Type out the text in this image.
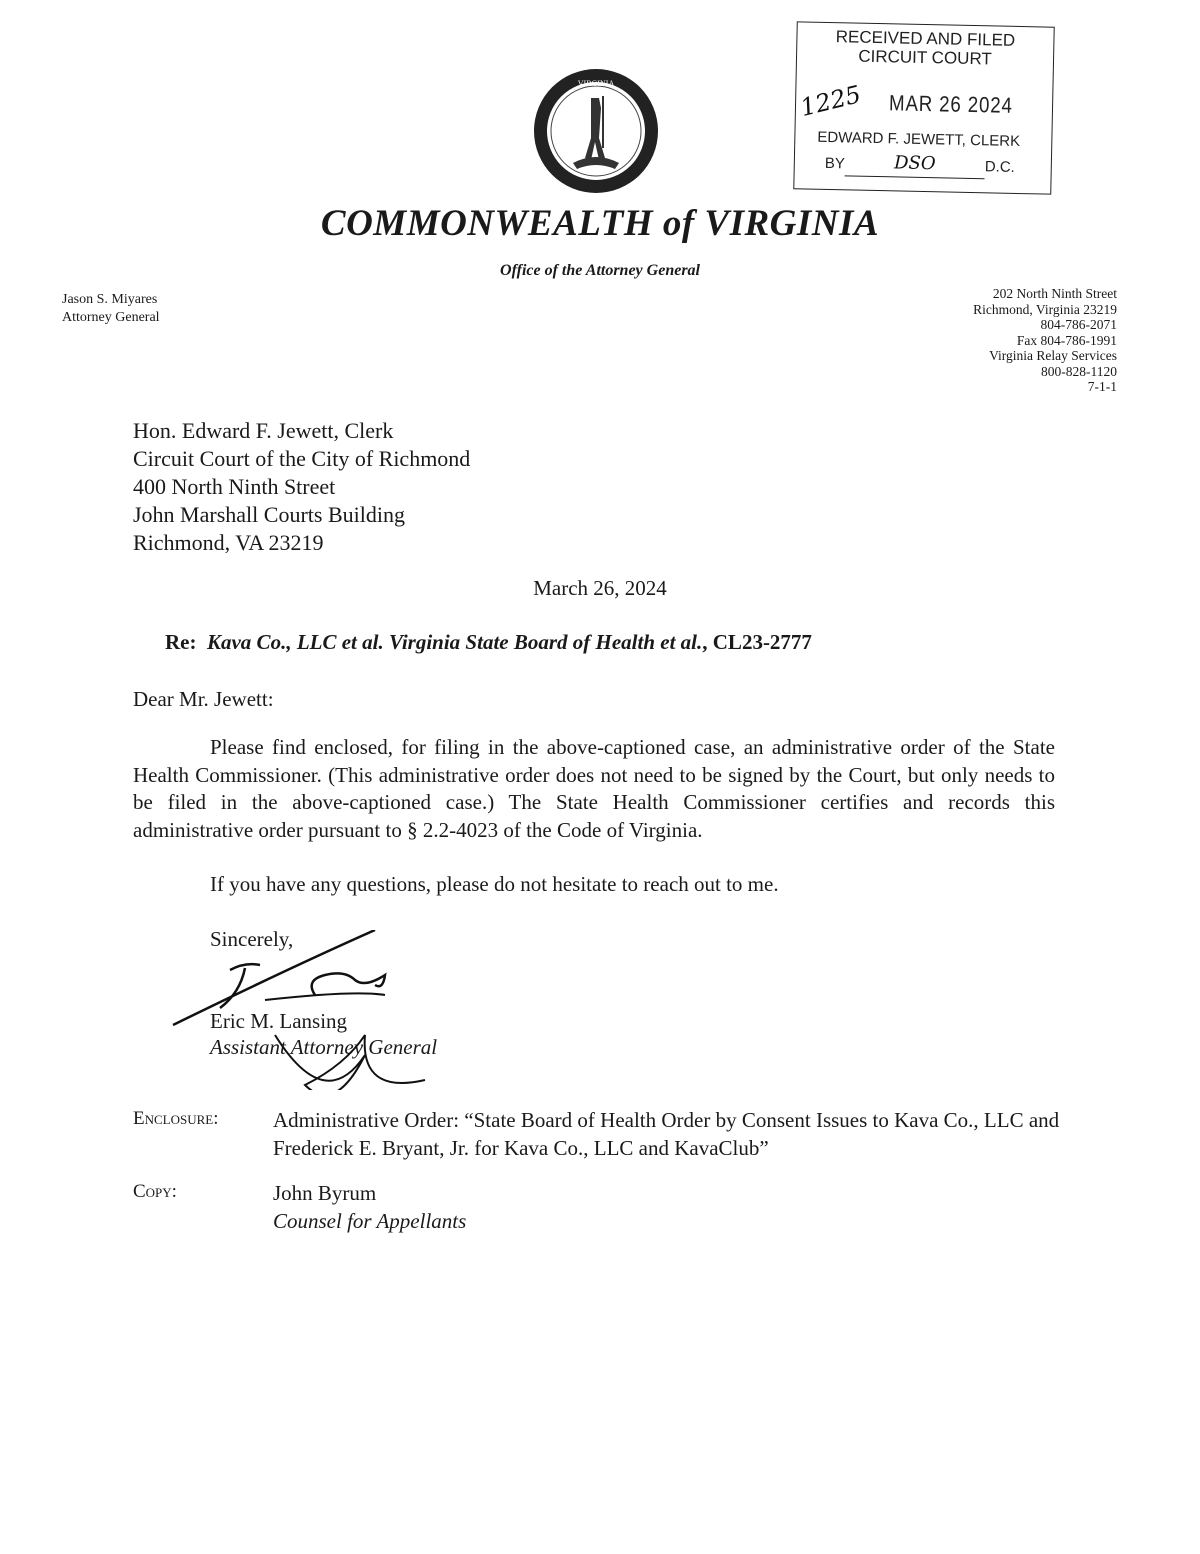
VIRGINIA
RECEIVED AND FILED
CIRCUIT COURT
1225	MAR 26 2024
EDWARD F. JEWETT, CLERK
BY	DSO	D.C.
COMMONWEALTH of VIRGINIA
Office of the Attorney General
Jason S. Miyares
Attorney General
202 North Ninth Street
Richmond, Virginia 23219
804-786-2071
Fax 804-786-1991
Virginia Relay Services
800-828-1120
7-1-1
Hon. Edward F. Jewett, Clerk
Circuit Court of the City of Richmond
400 North Ninth Street
John Marshall Courts Building
Richmond, VA 23219
March 26, 2024
Re: Kava Co., LLC et al. Virginia State Board of Health et al., CL23-2777
Dear Mr. Jewett:
Please find enclosed, for filing in the above-captioned case, an administrative order of the State Health Commissioner. (This administrative order does not need to be signed by the Court, but only needs to be filed in the above-captioned case.) The State Health Commissioner certifies and records this administrative order pursuant to § 2.2-4023 of the Code of Virginia.
If you have any questions, please do not hesitate to reach out to me.
Sincerely,
Eric M. Lansing
Assistant Attorney General
Enclosure:	Administrative Order: “State Board of Health Order by Consent Issues to Kava Co., LLC and Frederick E. Bryant, Jr. for Kava Co., LLC and KavaClub”
Copy:	John Byrum
Counsel for Appellants
